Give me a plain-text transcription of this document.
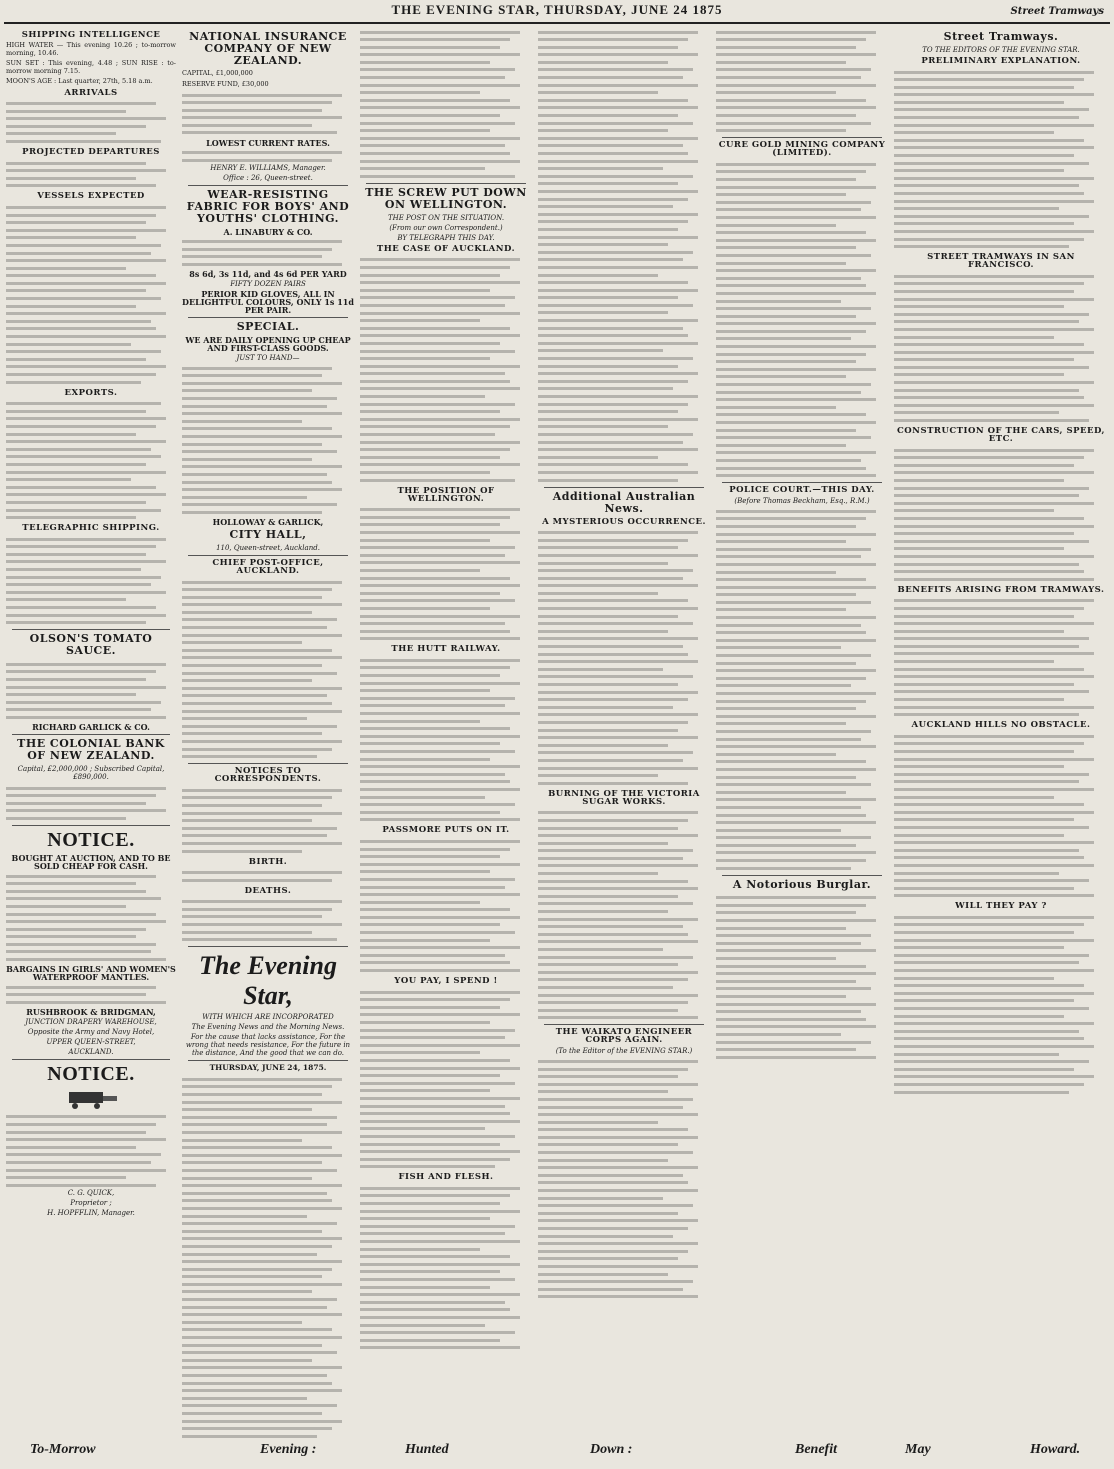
THE EVENING STAR, THURSDAY, JUNE 24 1875	Street Tramways
SHIPPING INTELLIGENCE

HIGH WATER — This evening 10.26 ; to-morrow morning, 10.46.

SUN SET : This evening, 4.48 ; SUN RISE : to-morrow morning 7.15.

MOON'S AGE : Last quarter, 27th, 5.18 a.m.

ARRIVALS
PROJECTED DEPARTURES
VESSELS EXPECTED
EXPORTS.
TELEGRAPHIC SHIPPING.
OLSON'S TOMATO SAUCE.
RICHARD GARLICK & CO.
THE COLONIAL BANK OF NEW ZEALAND.

Capital, £2,000,000 ; Subscribed Capital, £890,000.

NOTICE.
BOUGHT AT AUCTION, AND TO BE SOLD CHEAP FOR CASH.
BARGAINS IN GIRLS' AND WOMEN'S WATERPROOF MANTLES.
RUSHBROOK & BRIDGMAN,
JUNCTION DRAPERY WAREHOUSE,
Opposite the Army and Navy Hotel,
UPPER QUEEN-STREET,
AUCKLAND.
NOTICE.
C. G. QUICK,
Proprietor ;
H. HOPFFLIN, Manager.
NATIONAL INSURANCE COMPANY OF NEW ZEALAND.

CAPITAL, £1,000,000

RESERVE FUND, £30,000

LOWEST CURRENT RATES.
HENRY E. WILLIAMS, Manager.
Office : 26, Queen-street.
WEAR-RESISTING FABRIC FOR BOYS' AND YOUTHS' CLOTHING.
A. LINABURY & CO.
8s 6d, 3s 11d, and 4s 6d PER YARD
FIFTY DOZEN PAIRS
PERIOR KID GLOVES, ALL IN DELIGHTFUL COLOURS, ONLY 1s 11d PER PAIR.
SPECIAL.
WE ARE DAILY OPENING UP CHEAP AND FIRST-CLASS GOODS.
JUST TO HAND—
HOLLOWAY & GARLICK,
CITY HALL,
110, Queen-street, Auckland.
CHIEF POST-OFFICE, AUCKLAND.
NOTICES TO CORRESPONDENTS.
BIRTH.
DEATHS.
The Evening Star,
WITH WHICH ARE INCORPORATED
The Evening News and the Morning News.

For the cause that lacks assistance, For the wrong that needs resistance, For the future in the distance, And the good that we can do.

THURSDAY, JUNE 24, 1875.
THE SCREW PUT DOWN ON WELLINGTON.
THE POST ON THE SITUATION.
(From our own Correspondent.)
BY TELEGRAPH THIS DAY.
THE CASE OF AUCKLAND.
THE POSITION OF WELLINGTON.
THE HUTT RAILWAY.
PASSMORE PUTS ON IT.
YOU PAY, I SPEND !
FISH AND FLESH.
Additional Australian News.
A MYSTERIOUS OCCURRENCE.
BURNING OF THE VICTORIA SUGAR WORKS.
THE WAIKATO ENGINEER CORPS AGAIN.
(To the Editor of the EVENING STAR.)
CURE GOLD MINING COMPANY (LIMITED).
POLICE COURT.—THIS DAY.
(Before Thomas Beckham, Esq., R.M.)
A Notorious Burglar.
Street Tramways.
TO THE EDITORS OF THE EVENING STAR.
PRELIMINARY EXPLANATION.
STREET TRAMWAYS IN SAN FRANCISCO.
CONSTRUCTION OF THE CARS, SPEED, ETC.
BENEFITS ARISING FROM TRAMWAYS.
AUCKLAND HILLS NO OBSTACLE.
WILL THEY PAY ?
To-Morrow	Evening :	Hunted	Down :	Benefit	May	Howard.
